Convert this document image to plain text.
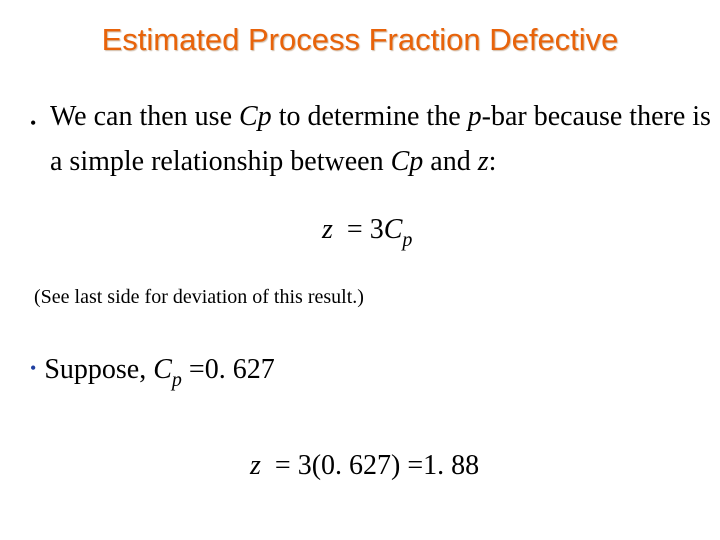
Estimated Process Fraction Defective
• We can then use Cp to determine the p-bar because there is a simple relationship between Cp and z:
$z = 3C_p$
(See last side for deviation of this result.)
• Suppose, $C_p =0$. 627
z  = 3(0. 627) =1. 88
